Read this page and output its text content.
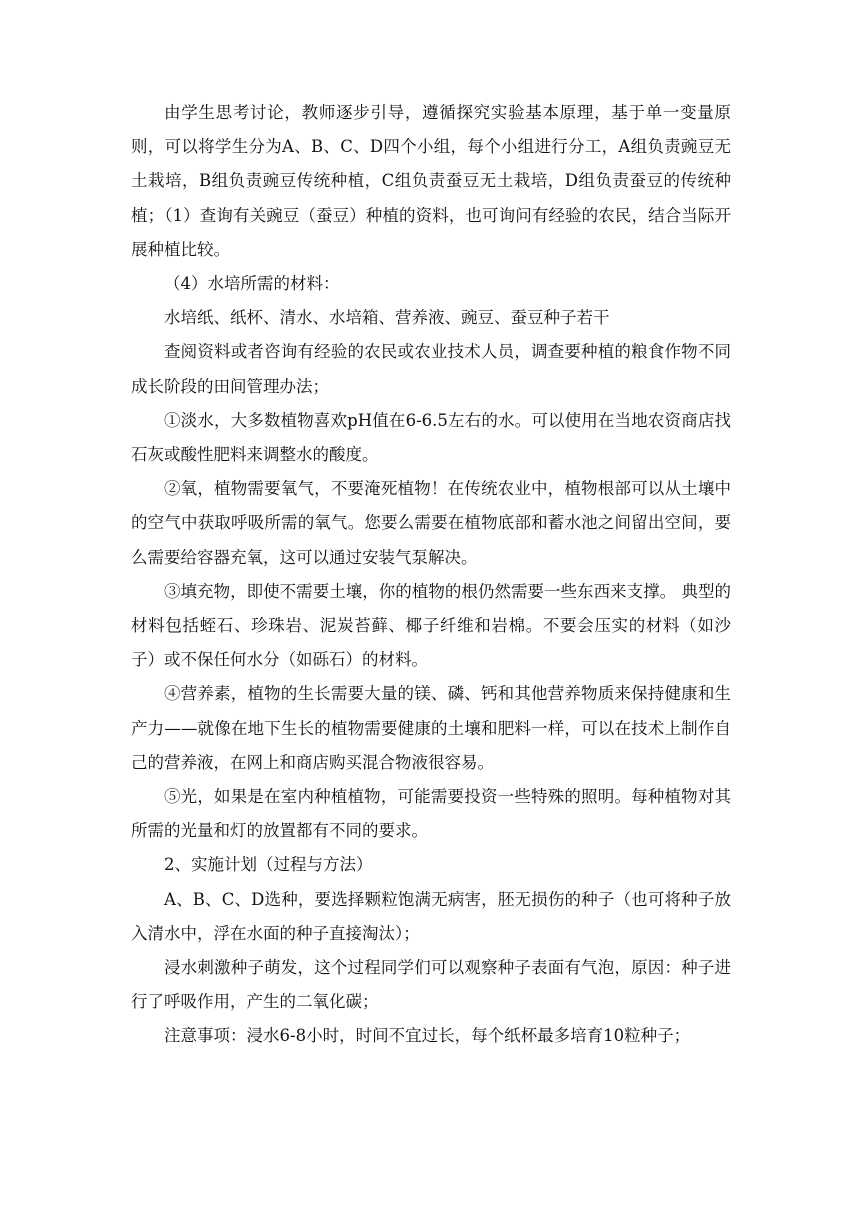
由学生思考讨论，教师逐步引导，遵循探究实验基本原理，基于单一变量原则，可以将学生分为A、B、C、D四个小组，每个小组进行分工，A组负责豌豆无土栽培，B组负责豌豆传统种植，C组负责蚕豆无土栽培，D组负责蚕豆的传统种植；（1）查询有关豌豆（蚕豆）种植的资料，也可询问有经验的农民，结合当际开展种植比较。

（4）水培所需的材料：

水培纸、纸杯、清水、水培箱、营养液、豌豆、蚕豆种子若干

查阅资料或者咨询有经验的农民或农业技术人员，调查要种植的粮食作物不同成长阶段的田间管理办法；

①淡水，大多数植物喜欢pH值在6-6.5左右的水。可以使用在当地农资商店找石灰或酸性肥料来调整水的酸度。

②氧，植物需要氧气，不要淹死植物！在传统农业中，植物根部可以从土壤中的空气中获取呼吸所需的氧气。您要么需要在植物底部和蓄水池之间留出空间，要么需要给容器充氧，这可以通过安装气泵解决。

③填充物，即使不需要土壤，你的植物的根仍然需要一些东西来支撑。 典型的材料包括蛭石、珍珠岩、泥炭苔藓、椰子纤维和岩棉。不要会压实的材料（如沙子）或不保任何水分（如砾石）的材料。

④营养素，植物的生长需要大量的镁、磷、钙和其他营养物质来保持健康和生产力——就像在地下生长的植物需要健康的土壤和肥料一样，可以在技术上制作自己的营养液，在网上和商店购买混合物液很容易。

⑤光，如果是在室内种植植物，可能需要投资一些特殊的照明。每种植物对其所需的光量和灯的放置都有不同的要求。

2、实施计划（过程与方法）

A、B、C、D选种，要选择颗粒饱满无病害，胚无损伤的种子（也可将种子放入清水中，浮在水面的种子直接淘汰）；

浸水刺激种子萌发，这个过程同学们可以观察种子表面有气泡，原因：种子进行了呼吸作用，产生的二氧化碳；

注意事项：浸水6-8小时，时间不宜过长，每个纸杯最多培育10粒种子；
